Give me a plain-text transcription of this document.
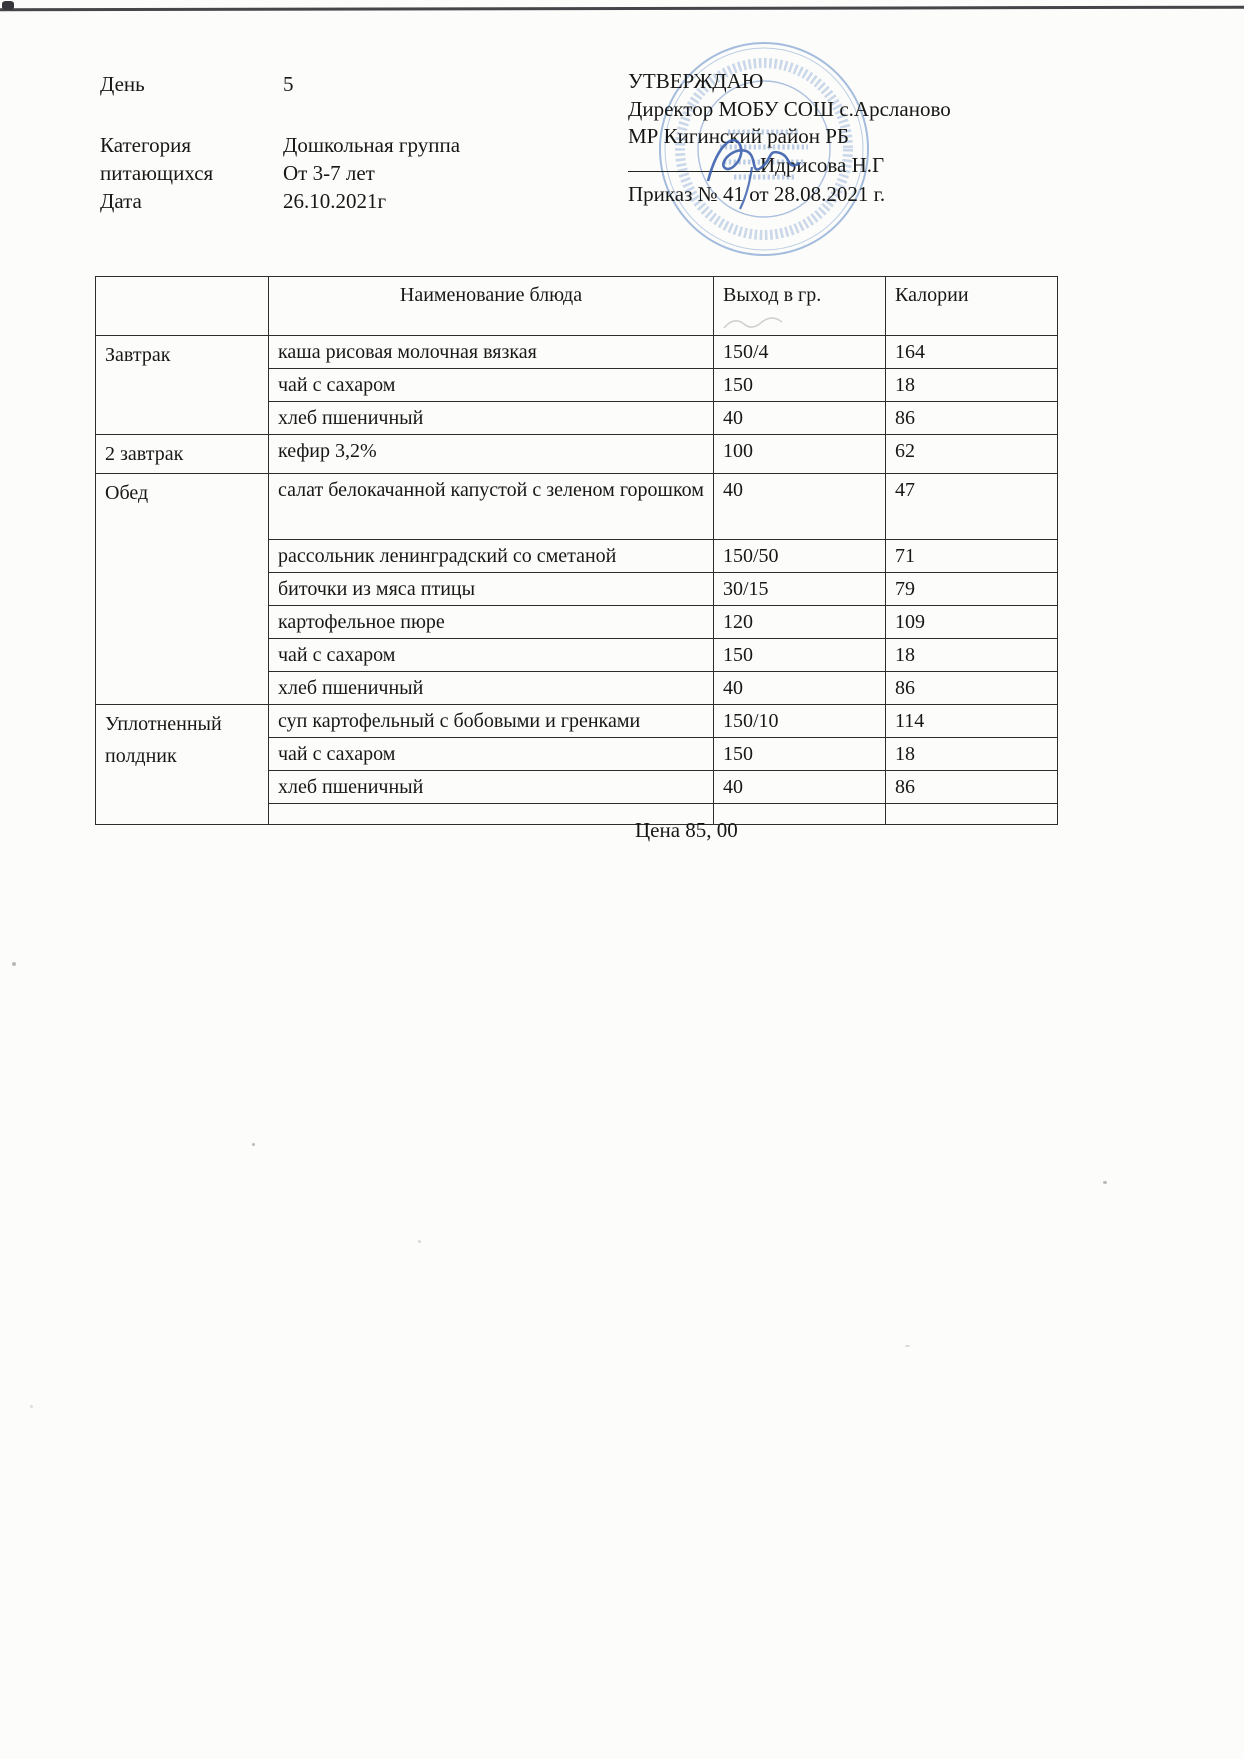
День	5
Категория	Дошкольная группа
питающихся	От 3-7 лет
Дата	26.10.2021г
УТВЕРЖДАЮ
Директор МОБУ СОШ с.Арсланово
МР Кигинский район РБ
Идрисова Н.Г
Приказ № 41 от 28.08.2021 г.
	Наименование блюда	Выход в гр.	Калории
Завтрак	каша рисовая молочная вязкая	150/4	164
	чай с сахаром	150	18
	хлеб пшеничный	40	86
2 завтрак	кефир 3,2%	100	62
Обед	салат белокачанной капустой с зеленом горошком	40	47
	рассольник ленинградский со сметаной	150/50	71
	биточки из мяса птицы	30/15	79
	картофельное пюре	120	109
	чай с сахаром	150	18
	хлеб пшеничный	40	86
Уплотненный полдник	суп картофельный с бобовыми и гренками	150/10	114
	чай с сахаром	150	18
	хлеб пшеничный	40	86

Цена 85, 00
